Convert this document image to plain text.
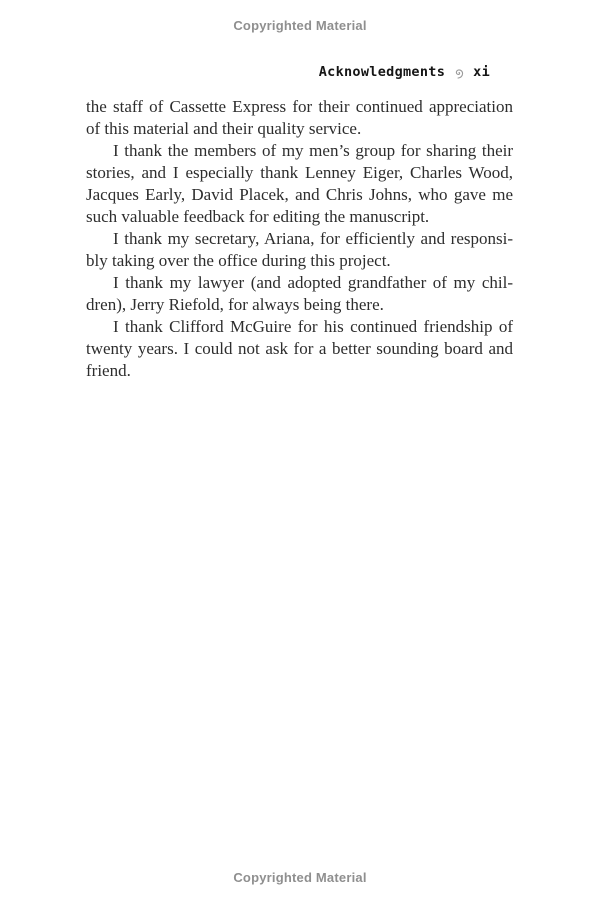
Copyrighted Material
Acknowledgments xi
the staff of Cassette Express for their continued appreciation
of this material and their quality service.
I thank the members of my men’s group for sharing their
stories, and I especially thank Lenney Eiger, Charles Wood,
Jacques Early, David Placek, and Chris Johns, who gave me
such valuable feedback for editing the manuscript.
I thank my secretary, Ariana, for efficiently and responsi-
bly taking over the office during this project.
I thank my lawyer (and adopted grandfather of my chil-
dren), Jerry Riefold, for always being there.
I thank Clifford McGuire for his continued friendship of
twenty years. I could not ask for a better sounding board and
friend.
Copyrighted Material
